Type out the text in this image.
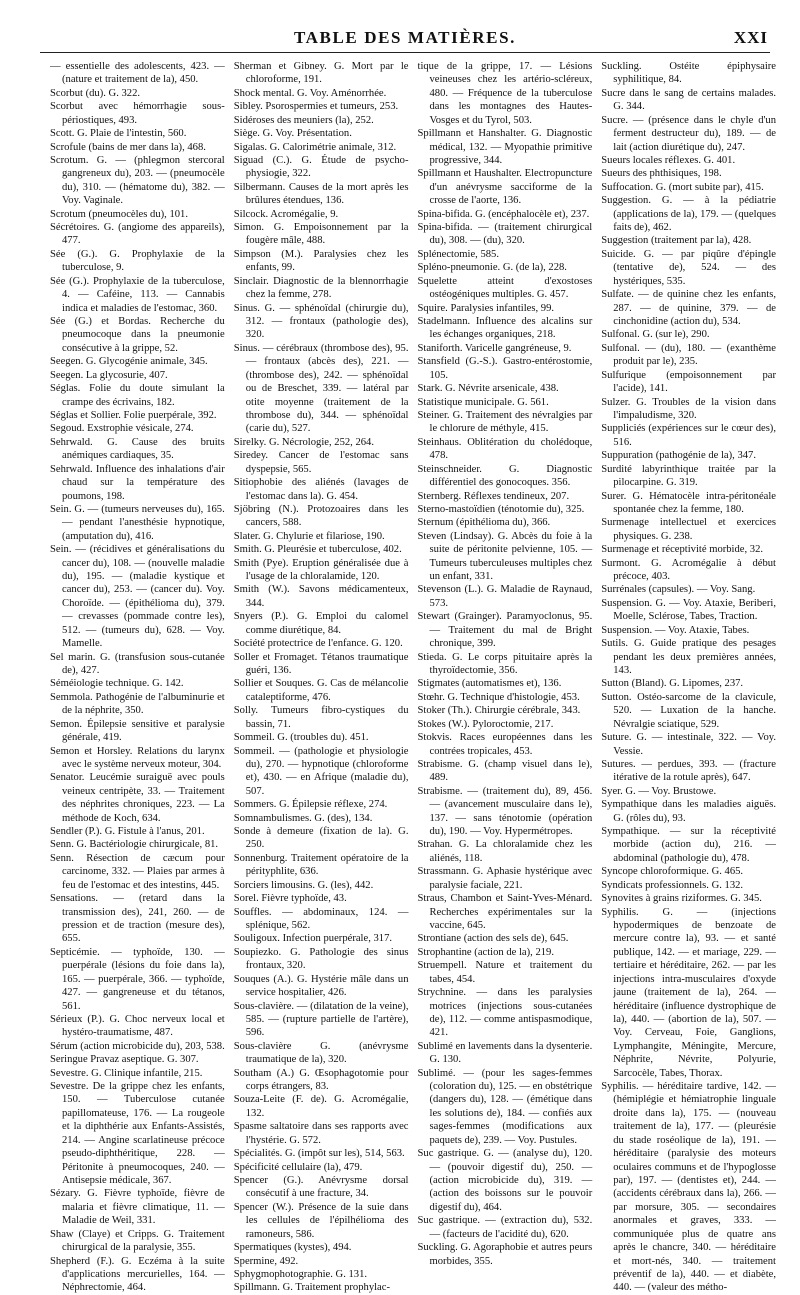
TABLE DES MATIÈRES.	XXI
— essentielle des adolescents, 423. — (nature et traitement de la), 450.
Scorbut (du). G. 322.
Scorbut avec hémorrhagie sous-périostiques, 493.
Scott. G. Plaie de l'intestin, 560.
Scrofule (bains de mer dans la), 468.
Scrotum. G. — (phlegmon stercoral gangreneux du), 203. — (pneumocèle du), 310. — (hématome du), 382. — Voy. Vaginale.
Scrotum (pneumocèles du), 101.
Sécrétoires. G. (angiome des appareils), 477.
Sée (G.). G. Prophylaxie de la tuberculose, 9.
Sée (G.). Prophylaxie de la tuberculose, 4. — Caféine, 113. — Cannabis indica et maladies de l'estomac, 360.
Sée (G.) et Bordas. Recherche du pneumocoque dans la pneumonie consécutive à la grippe, 52.
Seegen. G. Glycogénie animale, 345.
Seegen. La glycosurie, 407.
Séglas. Folie du doute simulant la crampe des écrivains, 182.
Séglas et Sollier. Folie puerpérale, 392.
Segoud. Exstrophie vésicale, 274.
Sehrwald. G. Cause des bruits anémiques cardiaques, 35.
Sehrwald. Influence des inhalations d'air chaud sur la température des poumons, 198.
Sein. G. — (tumeurs nerveuses du), 165. — pendant l'anesthésie hypnotique, (amputation du), 416.
Sein. — (récidives et généralisations du cancer du), 108. — (nouvelle maladie du), 195. — (maladie kystique et cancer du), 253. — (cancer du). Voy. Choroïde. — (épithélioma du), 379. — crevasses (pommade contre les), 512. — (tumeurs du), 628. — Voy. Mamelle.
Sel marin. G. (transfusion sous-cutanée de), 427.
Séméiologie technique. G. 142.
Semmola. Pathogénie de l'albuminurie et de la néphrite, 350.
Semon. Épilepsie sensitive et paralysie générale, 419.
Semon et Horsley. Relations du larynx avec le système nerveux moteur, 304.
Senator. Leucémie suraiguë avec pouls veineux centripète, 33. — Traitement des néphrites chroniques, 223. — La méthode de Koch, 634.
Sendler (P.). G. Fistule à l'anus, 201.
Senn. G. Bactériologie chirurgicale, 81.
Senn. Résection de cæcum pour carcinome, 332. — Plaies par armes à feu de l'estomac et des intestins, 445.
Sensations. — (retard dans la transmission des), 241, 260. — de pression et de traction (mesure des), 655.
Septicémie. — typhoïde, 130. — puerpérale (lésions du foie dans la), 165. — puerpérale, 366. — typhoïde, 427. — gangreneuse et du tétanos, 561.
Sérieux (P.). G. Choc nerveux local et hystéro-traumatisme, 487.
Sérum (action microbicide du), 203, 538.
Seringue Pravaz aseptique. G. 307.
Sevestre. G. Clinique infantile, 215.
Sevestre. De la grippe chez les enfants, 150. — Tuberculose cutanée papillomateuse, 176. — La rougeole et la diphthérie aux Enfants-Assistés, 214. — Angine scarlatineuse précoce pseudo-diphthéritique, 228. — Péritonite à pneumocoques, 240. — Antisepsie médicale, 367.
Sézary. G. Fièvre typhoïde, fièvre de malaria et fièvre climatique, 11. — Maladie de Weil, 331.
Shaw (Claye) et Cripps. G. Traitement chirurgical de la paralysie, 355.
Shepherd (F.). G. Eczéma à la suite d'applications mercurielles, 164. — Néphrectomie, 464.
Sherman et Gibney. G. Mort par le chloroforme, 191.
Shock mental. G. Voy. Aménorrhée.
Sibley. Psorospermies et tumeurs, 253.
Sidéroses des meuniers (la), 252.
Siège. G. Voy. Présentation.
Sigalas. G. Calorimétrie animale, 312.
Siguad (C.). G. Étude de psycho-physiogie, 322.
Silbermann. Causes de la mort après les brûlures étendues, 136.
Silcock. Acromégalie, 9.
Simon. G. Empoisonnement par la fougère mâle, 488.
Simpson (M.). Paralysies chez les enfants, 99.
Sinclair. Diagnostic de la blennorrhagie chez la femme, 278.
Sinus. G. — sphénoïdal (chirurgie du), 312. — frontaux (pathologie des), 320.
Sinus. — cérébraux (thrombose des), 95. — frontaux (abcès des), 221. — (thrombose des), 242. — sphénoïdal ou de Breschet, 339. — latéral par otite moyenne (traitement de la thrombose du), 344. — sphénoïdal (carie du), 527.
Sirelky. G. Nécrologie, 252, 264.
Siredey. Cancer de l'estomac sans dyspepsie, 565.
Sitiophobie des aliénés (lavages de l'estomac dans la). G. 454.
Sjöbring (N.). Protozoaires dans les cancers, 588.
Slater. G. Chylurie et filariose, 190.
Smith. G. Pleurésie et tuberculose, 402.
Smith (Pye). Eruption généralisée due à l'usage de la chloralamide, 120.
Smith (W.). Savons médicamenteux, 344.
Snyers (P.). G. Emploi du calomel comme diurétique, 84.
Société protectrice de l'enfance. G. 120.
Soller et Fromaget. Tétanos traumatique guéri, 136.
Sollier et Souques. G. Cas de mélancolie cataleptiforme, 476.
Solly. Tumeurs fibro-cystiques du bassin, 71.
Sommeil. G. (troubles du). 451.
Sommeil. — (pathologie et physiologie du), 270. — hypnotique (chloroforme et), 430. — en Afrique (maladie du), 507.
Sommers. G. Épilepsie réflexe, 274.
Somnambulismes. G. (des), 134.
Sonde à demeure (fixation de la). G. 250.
Sonnenburg. Traitement opératoire de la pérityphlite, 636.
Sorciers limousins. G. (les), 442.
Sorel. Fièvre typhoïde, 43.
Souffles. — abdominaux, 124. — splénique, 562.
Souligoux. Infection puerpérale, 317.
Soupiezko. G. Pathologie des sinus frontaux, 320.
Souques (A.). G. Hystérie mâle dans un service hospitalier, 426.
Sous-clavière. — (dilatation de la veine), 585. — (rupture partielle de l'artère), 596.
Sous-clavière G. (anévrysme traumatique de la), 320.
Southam (A.) G. Œsophagotomie pour corps étrangers, 83.
Souza-Leite (F. de). G. Acromégalie, 132.
Spasme saltatoire dans ses rapports avec l'hystérie. G. 572.
Spécialités. G. (impôt sur les), 514, 563.
Spécificité cellulaire (la), 479.
Spencer (G.). Anévrysme dorsal consécutif à une fracture, 34.
Spencer (W.). Présence de la suie dans les cellules de l'épilhélioma des ramoneurs, 586.
Spermatiques (kystes), 494.
Spermine, 492.
Sphygmophotographie. G. 131.
Spillmann. G. Traitement prophylac-
tique de la grippe, 17. — Lésions veineuses chez les artério-scléreux, 480. — Fréquence de la tuberculose dans les montagnes des Hautes-Vosges et du Tyrol, 503.
Spillmann et Hanshalter. G. Diagnostic médical, 132. — Myopathie primitive progressive, 344.
Spillmann et Haushalter. Electropuncture d'un anévrysme sacciforme de la crosse de l'aorte, 136.
Spina-bifida. G. (encéphalocèle et), 237.
Spina-bifida. — (traitement chirurgical du), 308. — (du), 320.
Splénectomie, 585.
Spléno-pneumonie. G. (de la), 228.
Squelette atteint d'exostoses ostéogéniques multiples. G. 457.
Squire. Paralysies infantiles, 99.
Stadelmann. Influence des alcalins sur les échanges organiques, 218.
Staniforth. Varicelle gangréneuse, 9.
Stansfield (G.-S.). Gastro-entérostomie, 105.
Stark. G. Névrite arsenicale, 438.
Statistique municipale. G. 561.
Steiner. G. Traitement des névralgies par le chlorure de méthyle, 415.
Steinhaus. Oblitération du cholédoque, 478.
Steinschneider. G. Diagnostic différentiel des gonocoques. 356.
Sternberg. Réflexes tendineux, 207.
Sterno-mastoïdien (ténotomie du), 325.
Sternum (épithélioma du), 366.
Steven (Lindsay). G. Abcès du foie à la suite de péritonite pelvienne, 105. — Tumeurs tuberculeuses multiples chez un enfant, 331.
Stevenson (L.). G. Maladie de Raynaud, 573.
Stewart (Grainger). Paramyoclonus, 95. — Traitement du mal de Bright chronique, 399.
Stieda. G. Le corps pituitaire après la thyroïdectomie, 356.
Stigmates (automatismes et), 136.
Stœhr. G. Technique d'histologie, 453.
Stoker (Th.). Chirurgie cérébrale, 343.
Stokes (W.). Pyloroctomie, 217.
Stokvis. Races européennes dans les contrées tropicales, 453.
Strabisme. G. (champ visuel dans le), 489.
Strabisme. — (traitement du), 89, 456. — (avancement musculaire dans le), 137. — sans ténotomie (opération du), 190. — Voy. Hypermétropes.
Strahan. G. La chloralamide chez les aliénés, 118.
Strassmann. G. Aphasie hystérique avec paralysie faciale, 221.
Straus, Chambon et Saint-Yves-Ménard. Recherches expérimentales sur la vaccine, 645.
Strontiane (action des sels de), 645.
Strophantine (action de la), 219.
Struempell. Nature et traitement du tabes, 454.
Strychnine. — dans les paralysies motrices (injections sous-cutanées de), 112. — comme antispasmodique, 421.
Sublimé en lavements dans la dysenterie. G. 130.
Sublimé. — (pour les sages-femmes (coloration du), 125. — en obstétrique (dangers du), 128. — (émétique dans les solutions de), 184. — confiés aux sages-femmes (modifications aux paquets de), 239. — Voy. Pustules.
Suc gastrique. G. — (analyse du), 120. — (pouvoir digestif du), 250. — (action microbicide du), 319. — (action des boissons sur le pouvoir digestif du), 464.
Suc gastrique. — (extraction du), 532. — (facteurs de l'acidité du), 620.
Suckling. G. Agoraphobie et autres peurs morbides, 355.
Suckling. Ostéite épiphysaire syphilitique, 84.
Sucre dans le sang de certains malades. G. 344.
Sucre. — (présence dans le chyle d'un ferment destructeur du), 189. — de lait (action diurétique du), 247.
Sueurs locales réflexes. G. 401.
Sueurs des phthisiques, 198.
Suffocation. G. (mort subite par), 415.
Suggestion. G. — à la pédiatrie (applications de la), 179. — (quelques faits de), 462.
Suggestion (traitement par la), 428.
Suicide. G. — par piqûre d'épingle (tentative de), 524. — des hystériques, 535.
Sulfate. — de quinine chez les enfants, 287. — de quinine, 379. — de cinchonidine (action du), 534.
Sulfonal. G. (sur le), 290.
Sulfonal. — (du), 180. — (exanthème produit par le), 235.
Sulfurique (empoisonnement par l'acide), 141.
Sulzer. G. Troubles de la vision dans l'impaludisme, 320.
Suppliciés (expériences sur le cœur des), 516.
Suppuration (pathogénie de la), 347.
Surdité labyrinthique traitée par la pilocarpine. G. 319.
Surer. G. Hématocèle intra-péritonéale spontanée chez la femme, 180.
Surmenage intellectuel et exercices physiques. G. 238.
Surmenage et réceptivité morbide, 32.
Surmont. G. Acromégalie à début précoce, 403.
Surrénales (capsules). — Voy. Sang.
Suspension. G. — Voy. Ataxie, Beriberi, Moelle, Sclérose, Tabes, Traction.
Suspension. — Voy. Ataxie, Tabes.
Sutils. G. Guide pratique des pesages pendant les deux premières années, 143.
Sutton (Bland). G. Lipomes, 237.
Sutton. Ostéo-sarcome de la clavicule, 520. — Luxation de la hanche. Névralgie sciatique, 529.
Suture. G. — intestinale, 322. — Voy. Vessie.
Sutures. — perdues, 393. — (fracture itérative de la rotule après), 647.
Syer. G. — Voy. Brustowe.
Sympathique dans les maladies aiguës. G. (rôles du), 93.
Sympathique. — sur la réceptivité morbide (action du), 216. — abdominal (pathologie du), 478.
Syncope chloroformique. G. 465.
Syndicats professionnels. G. 132.
Synovites à grains riziformes. G. 345.
Syphilis. G. — (injections hypodermiques de benzoate de mercure contre la), 93. — et santé publique, 142. — et mariage, 229. — tertiaire et héréditaire, 262. — par les injections intra-musculaires d'oxyde jaune (traitement de la), 264. — héréditaire (influence dystrophique de la), 440. — (abortion de la), 507. — Voy. Cerveau, Foie, Ganglions, Lymphangite, Méningite, Mercure, Néphrite, Névrite, Polyurie, Sarcocèle, Tabes, Thorax.
Syphilis. — héréditaire tardive, 142. — (hémiplégie et hémiatrophie linguale droite dans la), 175. — (nouveau traitement de la), 177. — (pleurésie du stade roséolique de la), 191. — héréditaire (paralysie des moteurs oculaires communs et de l'hypoglosse par), 197. — (dentistes et), 244. — (accidents cérébraux dans la), 266. — par morsure, 305. — secondaires anormales et graves, 333. — communiquée plus de quatre ans après le chancre, 340. — héréditaire et mort-nés, 340. — traitement préventif de la), 440. — et diabète, 440. — (valeur des métho-
